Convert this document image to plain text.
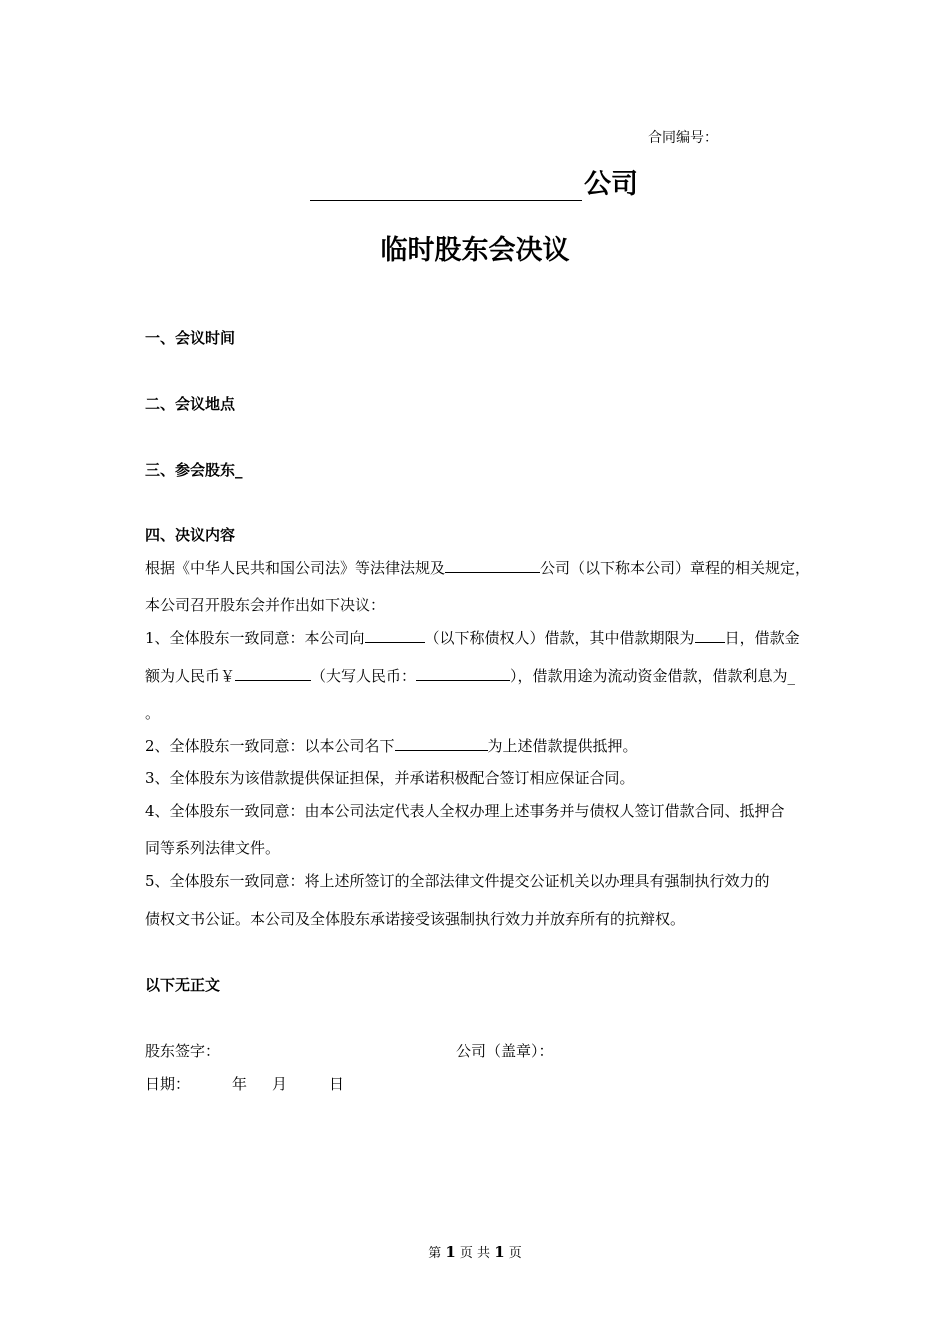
合同编号：
公司
临时股东会决议
一、会议时间
二、会议地点
三、参会股东_
四、决议内容
根据《中华人民共和国公司法》等法律法规及	公司（以下称本公司）章程的相关规定，
本公司召开股东会并作出如下决议：
1、全体股东一致同意：本公司向	（以下称债权人）借款，其中借款期限为 日，借款金
额为人民币￥	（大写人民币：	），借款用途为流动资金借款，借款利息为_
。
2、全体股东一致同意：以本公司名下	为上述借款提供抵押。
3、全体股东为该借款提供保证担保，并承诺积极配合签订相应保证合同。
4、全体股东一致同意：由本公司法定代表人全权办理上述事务并与债权人签订借款合同、抵押合
同等系列法律文件。
5、全体股东一致同意：将上述所签订的全部法律文件提交公证机关以办理具有强制执行效力的
债权文书公证。本公司及全体股东承诺接受该强制执行效力并放弃所有的抗辩权。
以下无正文
股东签字：	公司（盖章）：
日期：	年 月	日
第 1 页 共 1 页
